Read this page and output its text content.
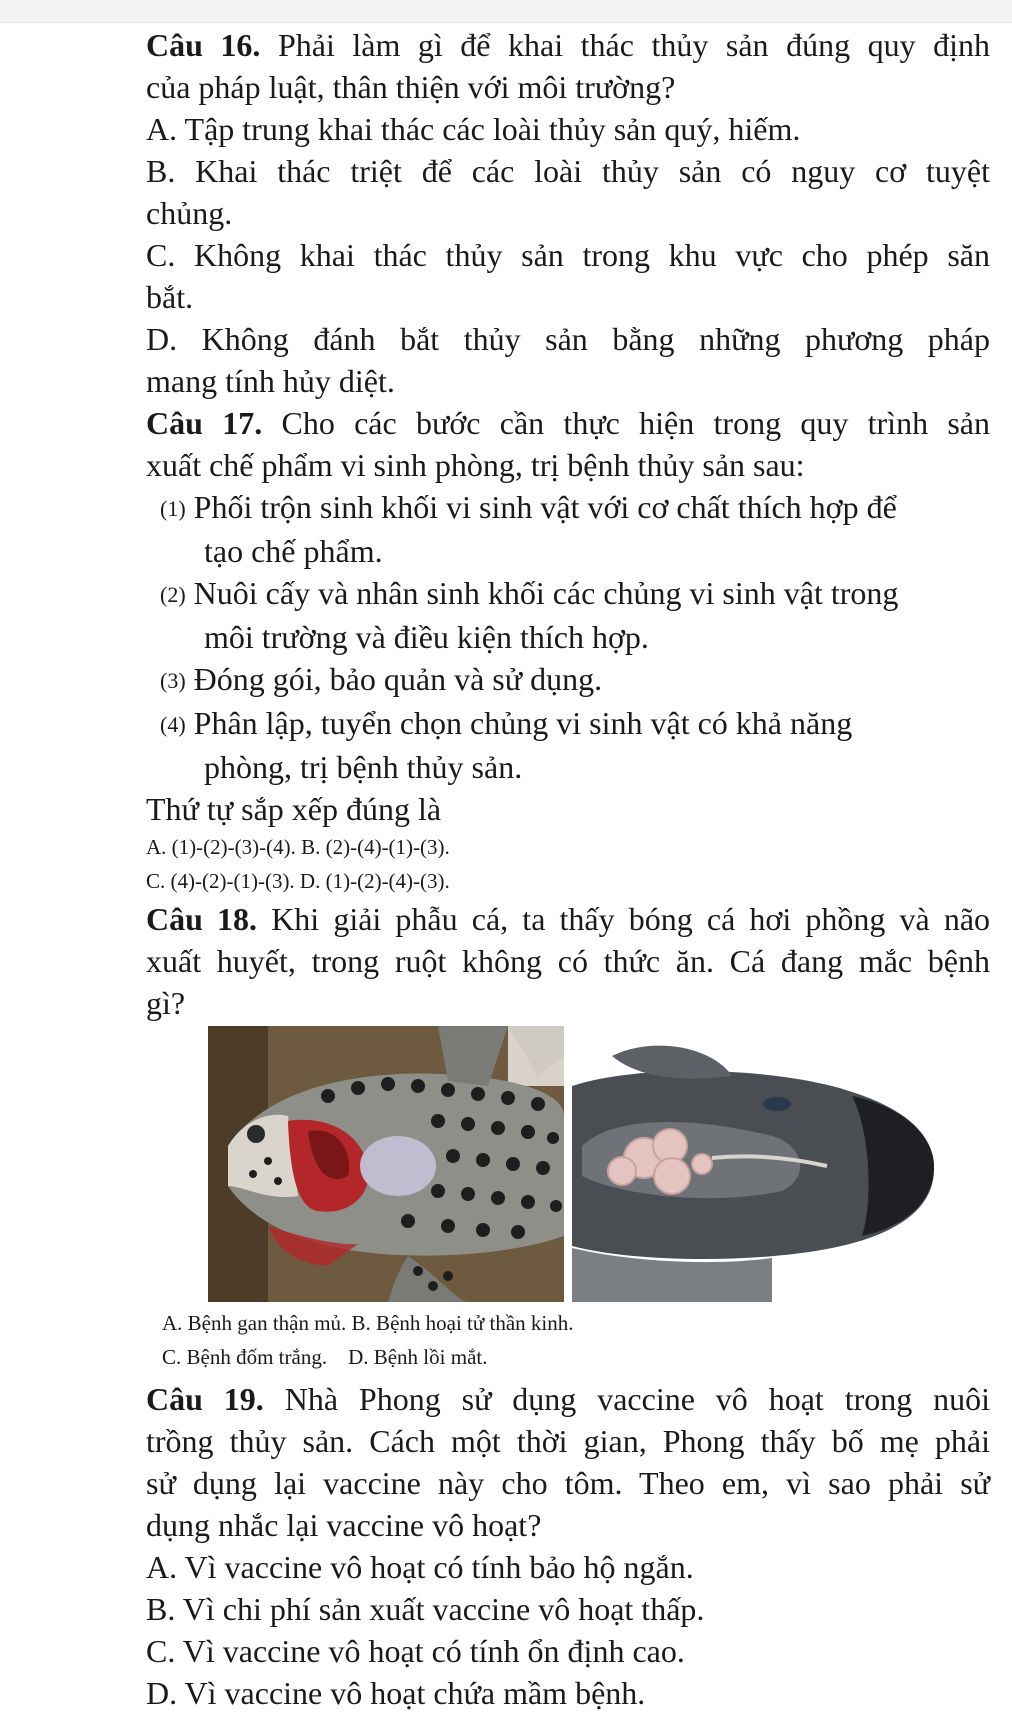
Câu 16. Phải làm gì để khai thác thủy sản đúng quy định
của pháp luật, thân thiện với môi trường?
A. Tập trung khai thác các loài thủy sản quý, hiếm.
B. Khai thác triệt để các loài thủy sản có nguy cơ tuyệt
chủng.
C. Không khai thác thủy sản trong khu vực cho phép săn
bắt.
D. Không đánh bắt thủy sản bằng những phương pháp
mang tính hủy diệt.
Câu 17. Cho các bước cần thực hiện trong quy trình sản
xuất chế phẩm vi sinh phòng, trị bệnh thủy sản sau:
(1) Phối trộn sinh khối vi sinh vật với cơ chất thích hợp để
tạo chế phẩm.
(2) Nuôi cấy và nhân sinh khối các chủng vi sinh vật trong
môi trường và điều kiện thích hợp.
(3) Đóng gói, bảo quản và sử dụng.
(4) Phân lập, tuyển chọn chủng vi sinh vật có khả năng
phòng, trị bệnh thủy sản.
Thứ tự sắp xếp đúng là
A. (1)-(2)-(3)-(4). B. (2)-(4)-(1)-(3).
C. (4)-(2)-(1)-(3). D. (1)-(2)-(4)-(3).
Câu 18. Khi giải phẫu cá, ta thấy bóng cá hơi phồng và não
xuất huyết, trong ruột không có thức ăn. Cá đang mắc bệnh
gì?
A. Bệnh gan thận mủ. B. Bệnh hoại tử thần kinh.
C. Bệnh đốm trắng.    D. Bệnh lồi mắt.
Câu 19. Nhà Phong sử dụng vaccine vô hoạt trong nuôi
trồng thủy sản. Cách một thời gian, Phong thấy bố mẹ phải
sử dụng lại vaccine này cho tôm. Theo em, vì sao phải sử
dụng nhắc lại vaccine vô hoạt?
A. Vì vaccine vô hoạt có tính bảo hộ ngắn.
B. Vì chi phí sản xuất vaccine vô hoạt thấp.
C. Vì vaccine vô hoạt có tính ổn định cao.
D. Vì vaccine vô hoạt chứa mầm bệnh.
